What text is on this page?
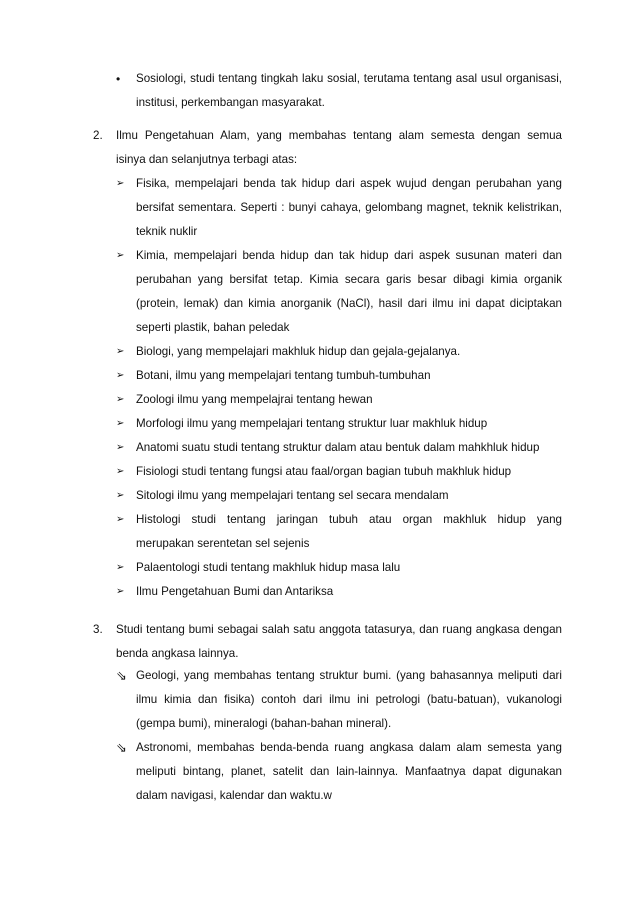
•	Sosiologi, studi tentang tingkah laku sosial, terutama tentang asal usul organisasi,
institusi, perkembangan masyarakat.
2.	Ilmu Pengetahuan Alam, yang membahas tentang alam semesta dengan semua
isinya dan selanjutnya terbagi atas:
➢	Fisika, mempelajari benda tak hidup dari aspek wujud dengan perubahan yang
bersifat sementara. Seperti : bunyi cahaya, gelombang magnet, teknik kelistrikan,
teknik nuklir
➢	Kimia, mempelajari benda hidup dan tak hidup dari aspek susunan materi dan
perubahan yang bersifat tetap. Kimia secara garis besar dibagi kimia organik
(protein, lemak) dan kimia anorganik (NaCl), hasil dari ilmu ini dapat diciptakan
seperti plastik, bahan peledak
➢	Biologi, yang mempelajari makhluk hidup dan gejala-gejalanya.
➢	Botani, ilmu yang mempelajari tentang tumbuh-tumbuhan
➢	Zoologi ilmu yang mempelajrai tentang hewan
➢	Morfologi ilmu yang mempelajari tentang struktur luar makhluk hidup
➢	Anatomi suatu studi tentang struktur dalam atau bentuk dalam mahkhluk hidup
➢	Fisiologi studi tentang fungsi atau faal/organ bagian tubuh makhluk hidup
➢	Sitologi ilmu yang mempelajari tentang sel secara mendalam
➢	Histologi studi tentang jaringan tubuh atau organ makhluk hidup yang
merupakan serentetan sel sejenis
➢	Palaentologi studi tentang makhluk hidup masa lalu
➢	Ilmu Pengetahuan Bumi dan Antariksa
3.	Studi tentang bumi sebagai salah satu anggota tatasurya, dan ruang angkasa dengan
benda angkasa lainnya.
⇘ Geologi, yang membahas tentang struktur bumi. (yang bahasannya meliputi dari
ilmu kimia dan fisika) contoh dari ilmu ini petrologi (batu-batuan), vukanologi
(gempa bumi), mineralogi (bahan-bahan mineral).
⇘ Astronomi, membahas benda-benda ruang angkasa dalam alam semesta yang
meliputi bintang, planet, satelit dan lain-lainnya. Manfaatnya dapat digunakan
dalam navigasi, kalendar dan waktu.w
